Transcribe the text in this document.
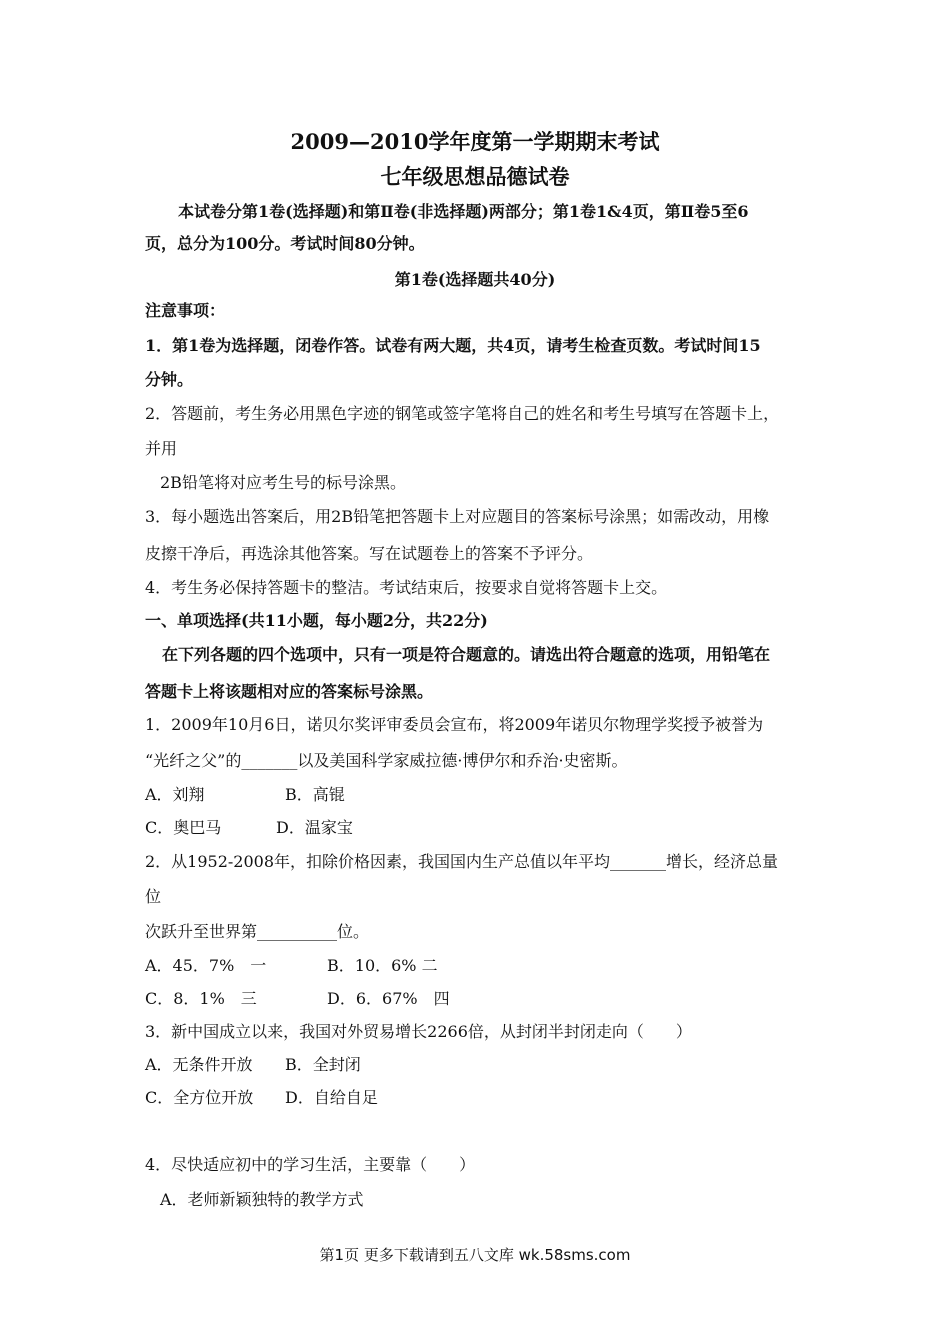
2009—2010学年度第一学期期末考试
七年级思想品德试卷
本试卷分第1卷(选择题)和第Ⅱ卷(非选择题)两部分；第1卷1&4页，第Ⅱ卷5至6
页，总分为100分。考试时间80分钟。
第1卷(选择题共40分)
注意事项：
1．第1卷为选择题，闭卷作答。试卷有两大题，共4页，请考生检查页数。考试时间15
分钟。
2．答题前，考生务必用黑色字迹的钢笔或签字笔将自己的姓名和考生号填写在答题卡上，
并用
2B铅笔将对应考生号的标号涂黑。
3．每小题选出答案后，用2B铅笔把答题卡上对应题目的答案标号涂黑；如需改动，用橡
皮擦干净后，再选涂其他答案。写在试题卷上的答案不予评分。
4．考生务必保持答题卡的整洁。考试结束后，按要求自觉将答题卡上交。
一、单项选择(共11小题，每小题2分，共22分)
在下列各题的四个选项中，只有一项是符合题意的。请选出符合题意的选项，用铅笔在
答题卡上将该题相对应的答案标号涂黑。
1．2009年10月6日，诺贝尔奖评审委员会宣布，将2009年诺贝尔物理学奖授予被誉为
“光纤之父”的_______以及美国科学家威拉德·博伊尔和乔治·史密斯。
A．刘翔	B．高锟
C．奥巴马	D．温家宝
2．从1952-2008年，扣除价格因素，我国国内生产总值以年平均_______增长，经济总量
位
次跃升至世界第__________位。
A．45．7%　一	B．10．6% 二
C．8．1%　三	D．6．67%　四
3．新中国成立以来，我国对外贸易增长2266倍，从封闭半封闭走向（　　）
A．无条件开放 B．全封闭
C．全方位开放 D．自给自足
4．尽快适应初中的学习生活，主要靠（　　）
A．老师新颖独特的教学方式
第1页 更多下载请到五八文库 wk.58sms.com
